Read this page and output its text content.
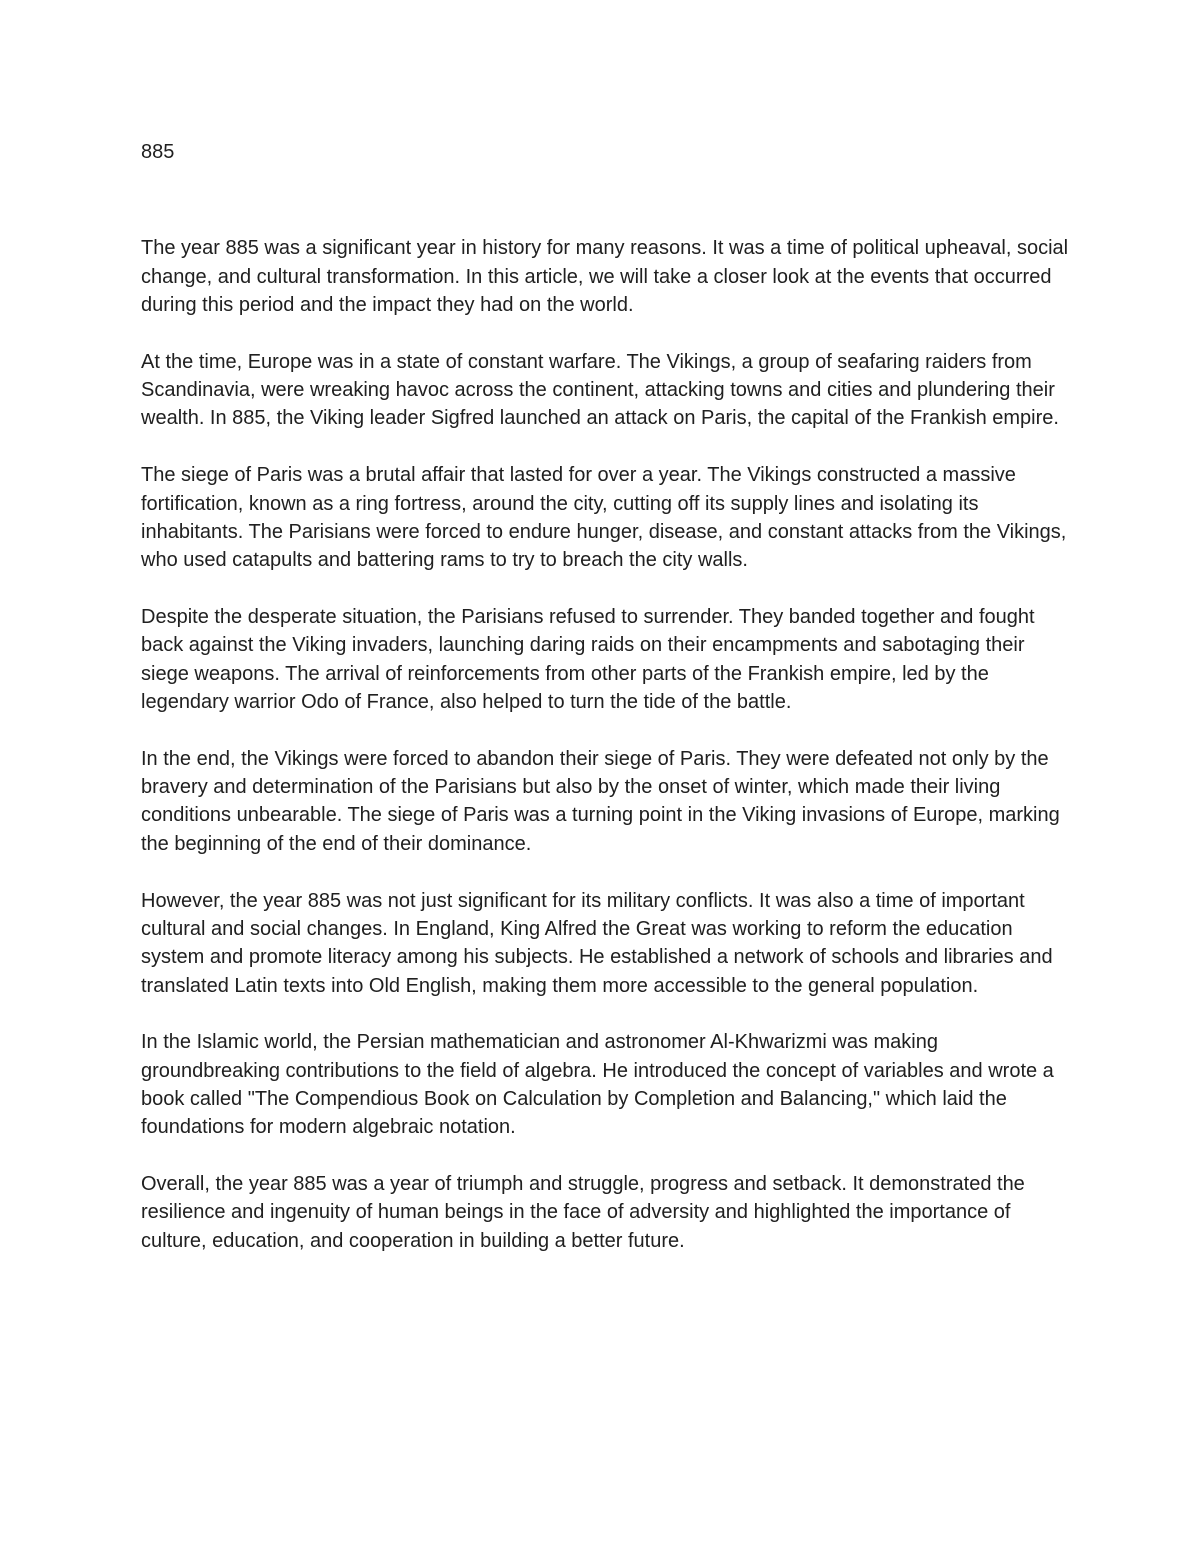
885

The year 885 was a significant year in history for many reasons. It was a time of political upheaval, social change, and cultural transformation. In this article, we will take a closer look at the events that occurred during this period and the impact they had on the world.

At the time, Europe was in a state of constant warfare. The Vikings, a group of seafaring raiders from Scandinavia, were wreaking havoc across the continent, attacking towns and cities and plundering their wealth. In 885, the Viking leader Sigfred launched an attack on Paris, the capital of the Frankish empire.

The siege of Paris was a brutal affair that lasted for over a year. The Vikings constructed a massive fortification, known as a ring fortress, around the city, cutting off its supply lines and isolating its inhabitants. The Parisians were forced to endure hunger, disease, and constant attacks from the Vikings, who used catapults and battering rams to try to breach the city walls.

Despite the desperate situation, the Parisians refused to surrender. They banded together and fought back against the Viking invaders, launching daring raids on their encampments and sabotaging their siege weapons. The arrival of reinforcements from other parts of the Frankish empire, led by the legendary warrior Odo of France, also helped to turn the tide of the battle.

In the end, the Vikings were forced to abandon their siege of Paris. They were defeated not only by the bravery and determination of the Parisians but also by the onset of winter, which made their living conditions unbearable. The siege of Paris was a turning point in the Viking invasions of Europe, marking the beginning of the end of their dominance.

However, the year 885 was not just significant for its military conflicts. It was also a time of important cultural and social changes. In England, King Alfred the Great was working to reform the education system and promote literacy among his subjects. He established a network of schools and libraries and translated Latin texts into Old English, making them more accessible to the general population.

In the Islamic world, the Persian mathematician and astronomer Al-Khwarizmi was making groundbreaking contributions to the field of algebra. He introduced the concept of variables and wrote a book called "The Compendious Book on Calculation by Completion and Balancing," which laid the foundations for modern algebraic notation.

Overall, the year 885 was a year of triumph and struggle, progress and setback. It demonstrated the resilience and ingenuity of human beings in the face of adversity and highlighted the importance of culture, education, and cooperation in building a better future.
